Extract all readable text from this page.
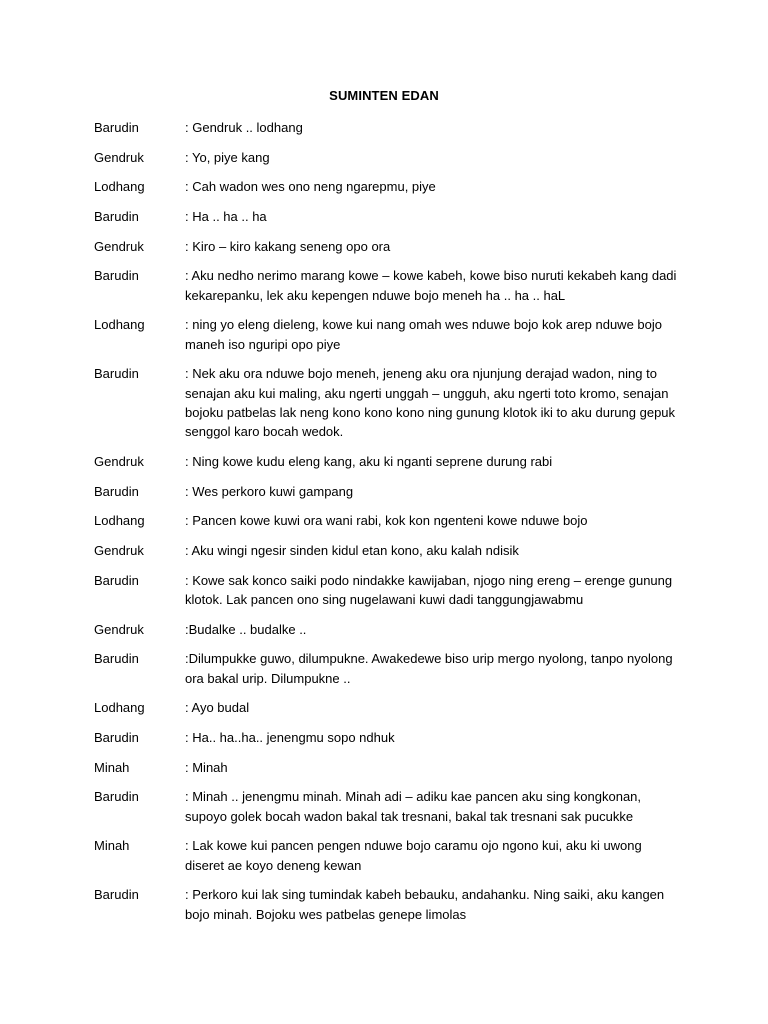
SUMINTEN EDAN
Barudin	: Gendruk .. lodhang
Gendruk	: Yo, piye kang
Lodhang	: Cah wadon wes ono neng ngarepmu, piye
Barudin	: Ha .. ha .. ha
Gendruk	: Kiro – kiro kakang seneng opo ora
Barudin	: Aku nedho nerimo marang kowe – kowe kabeh, kowe biso nuruti kekabeh kang dadi kekarepanku, lek aku kepengen nduwe bojo meneh ha .. ha .. haL
Lodhang	: ning yo eleng dieleng, kowe kui nang omah wes nduwe bojo kok arep nduwe bojo maneh iso nguripi opo piye
Barudin	: Nek aku ora nduwe bojo meneh, jeneng aku ora njunjung derajad wadon, ning to senajan aku kui maling, aku ngerti unggah – ungguh, aku ngerti toto kromo, senajan bojoku patbelas lak neng kono kono kono ning gunung klotok iki to aku durung gepuk senggol karo bocah wedok.
Gendruk	: Ning kowe kudu eleng kang, aku ki nganti seprene durung rabi
Barudin	: Wes perkoro kuwi gampang
Lodhang	: Pancen kowe kuwi ora wani rabi, kok kon ngenteni kowe nduwe bojo
Gendruk	: Aku wingi ngesir sinden kidul etan kono, aku kalah ndisik
Barudin	: Kowe sak konco saiki podo nindakke kawijaban, njogo ning ereng – erenge gunung klotok. Lak pancen ono sing nugelawani kuwi dadi tanggungjawabmu
Gendruk	:Budalke .. budalke ..
Barudin	:Dilumpukke guwo, dilumpukne. Awakedewe biso urip mergo nyolong, tanpo nyolong ora bakal urip. Dilumpukne ..
Lodhang	: Ayo budal
Barudin	: Ha.. ha..ha.. jenengmu sopo ndhuk
Minah	: Minah
Barudin	: Minah .. jenengmu minah. Minah adi – adiku kae pancen aku sing kongkonan, supoyo golek bocah wadon bakal tak tresnani, bakal tak tresnani sak pucukke
Minah	: Lak kowe kui pancen pengen nduwe bojo caramu ojo ngono kui, aku ki uwong diseret ae koyo deneng kewan
Barudin	: Perkoro kui lak sing tumindak kabeh bebauku, andahanku. Ning saiki, aku kangen bojo minah. Bojoku wes patbelas genepe limolas
